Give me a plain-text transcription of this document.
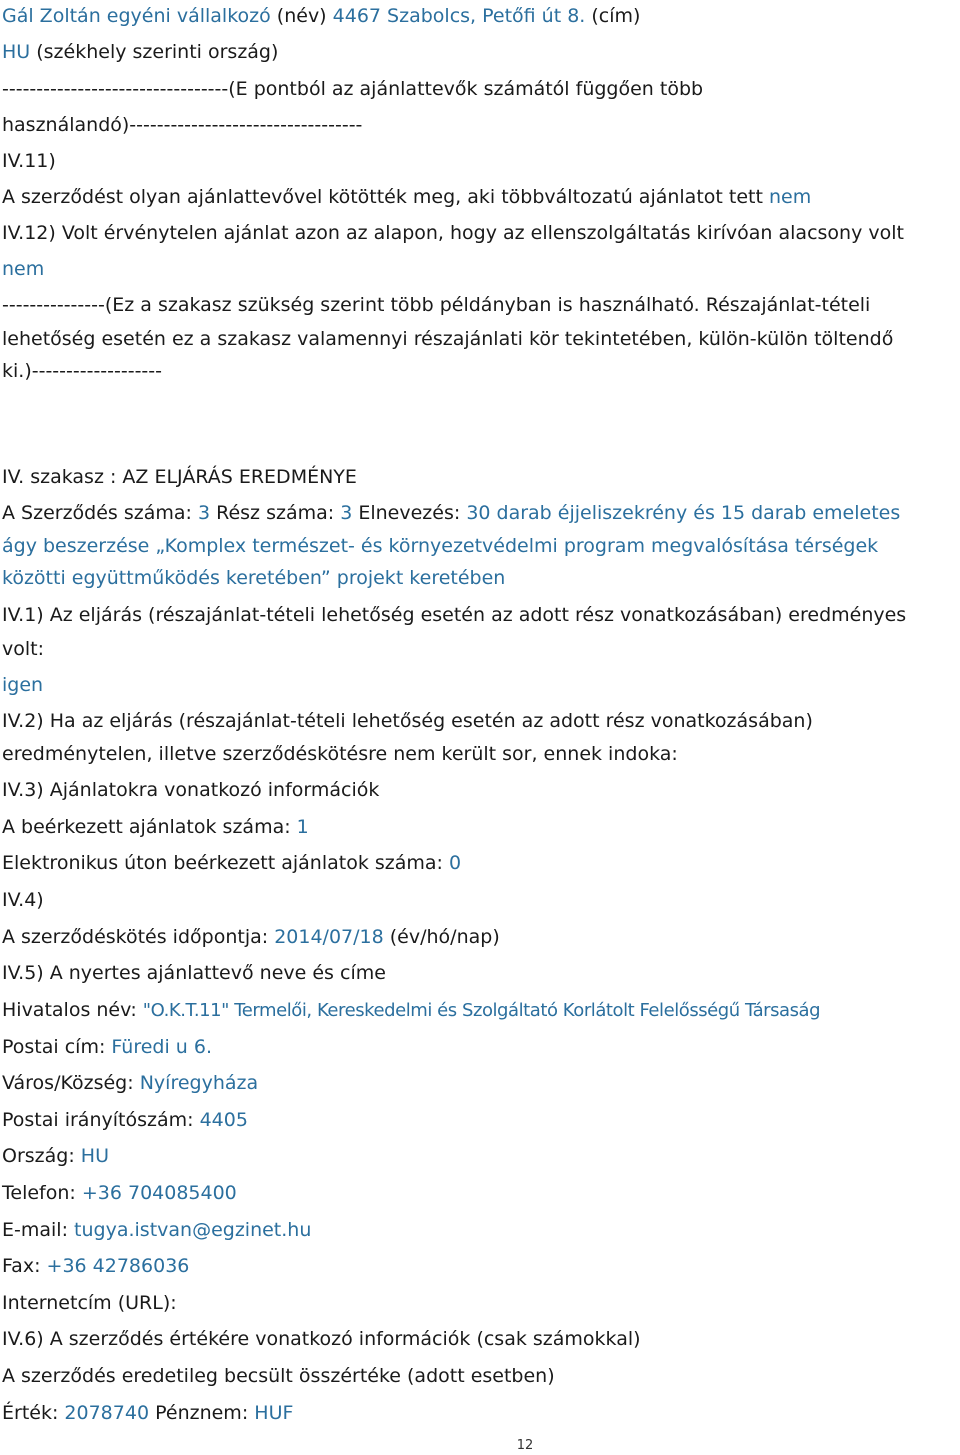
Gál Zoltán egyéni vállalkozó (név) 4467 Szabolcs, Petőfi út 8. (cím)
HU (székhely szerinti ország)
---------------------------------(E pontból az ajánlattevők számától függően több
használandó)----------------------------------
IV.11)
A szerződést olyan ajánlattevővel kötötték meg, aki többváltozatú ajánlatot tett nem
IV.12) Volt érvénytelen ajánlat azon az alapon, hogy az ellenszolgáltatás kirívóan alacsony volt
nem
---------------(Ez a szakasz szükség szerint több példányban is használható. Részajánlat-tételi
lehetőség esetén ez a szakasz valamennyi részajánlati kör tekintetében, külön-külön töltendő
ki.)-------------------
IV. szakasz : AZ ELJÁRÁS EREDMÉNYE
A Szerződés száma: 3 Rész száma: 3 Elnevezés: 30 darab éjjeliszekrény és 15 darab emeletes
ágy beszerzése „Komplex természet- és környezetvédelmi program megvalósítása térségek
közötti együttműködés keretében” projekt keretében
IV.1) Az eljárás (részajánlat-tételi lehetőség esetén az adott rész vonatkozásában) eredményes
volt:
igen
IV.2) Ha az eljárás (részajánlat-tételi lehetőség esetén az adott rész vonatkozásában)
eredménytelen, illetve szerződéskötésre nem került sor, ennek indoka:
IV.3) Ajánlatokra vonatkozó információk
A beérkezett ajánlatok száma: 1
Elektronikus úton beérkezett ajánlatok száma: 0
IV.4)
A szerződéskötés időpontja: 2014/07/18 (év/hó/nap)
IV.5) A nyertes ajánlattevő neve és címe
Hivatalos név: "O.K.T.11" Termelői, Kereskedelmi és Szolgáltató Korlátolt Felelősségű Társaság
Postai cím: Füredi u 6.
Város/Község: Nyíregyháza
Postai irányítószám: 4405
Ország: HU
Telefon: +36 704085400
E-mail: tugya.istvan@egzinet.hu
Fax: +36 42786036
Internetcím (URL):
IV.6) A szerződés értékére vonatkozó információk (csak számokkal)
A szerződés eredetileg becsült összértéke (adott esetben)
Érték: 2078740 Pénznem: HUF
12
